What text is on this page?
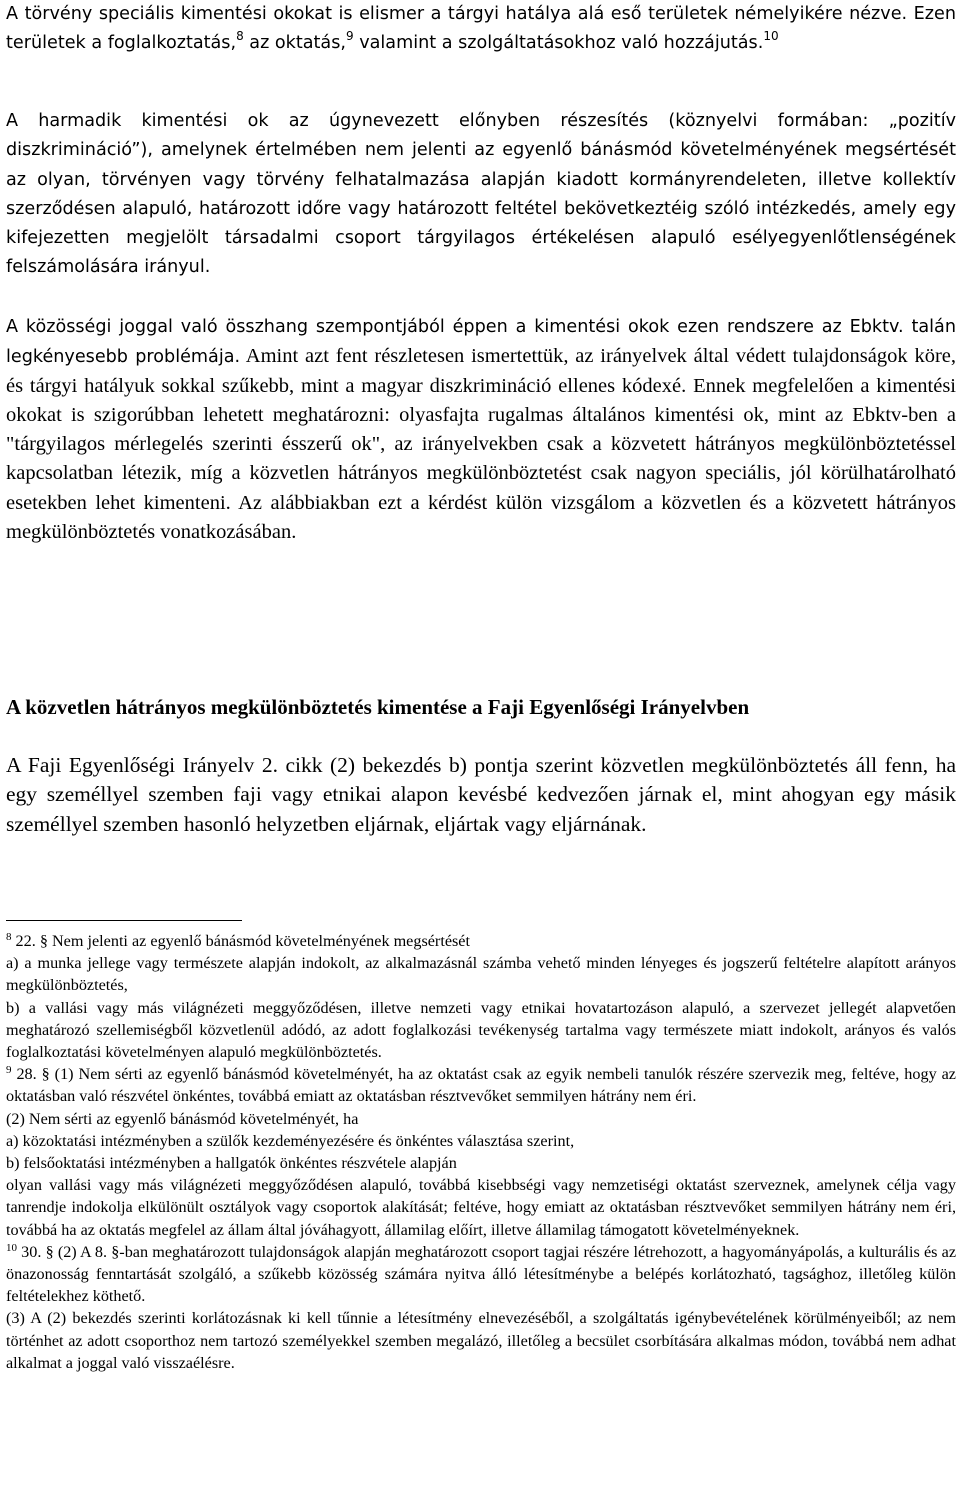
A törvény speciális kimentési okokat is elismer a tárgyi hatálya alá eső területek némelyikére nézve. Ezen területek a foglalkoztatás,$^8$ az oktatás,$^9$ valamint a szolgáltatásokhoz való hozzájutás.$^{10}$

A harmadik kimentési ok az úgynevezett előnyben részesítés (köznyelvi formában: „pozitív diszkrimináció”), amelynek értelmében nem jelenti az egyenlő bánásmód követelményének megsértését az olyan, törvényen vagy törvény felhatalmazása alapján kiadott kormányrendeleten, illetve kollektív szerződésen alapuló, határozott időre vagy határozott feltétel bekövetkeztéig szóló intézkedés, amely egy kifejezetten megjelölt társadalmi csoport tárgyilagos értékelésen alapuló esélyegyenlőtlenségének felszámolására irányul.

A közösségi joggal való összhang szempontjából éppen a kimentési okok ezen rendszere az Ebktv. talán legkényesebb problémája. Amint azt fent részletesen ismertettük, az irányelvek által védett tulajdonságok köre, és tárgyi hatályuk sokkal szűkebb, mint a magyar diszkrimináció ellenes kódexé. Ennek megfelelően a kimentési okokat is szigorúbban lehetett meghatározni: olyasfajta rugalmas általános kimentési ok, mint az Ebktv-ben a "tárgyilagos mérlegelés szerinti ésszerű ok", az irányelvekben csak a közvetett hátrányos megkülönböztetéssel kapcsolatban létezik, míg a közvetlen hátrányos megkülönböztetést csak nagyon speciális, jól körülhatárolható esetekben lehet kimenteni. Az alábbiakban ezt a kérdést külön vizsgálom a közvetlen és a közvetett hátrányos megkülönböztetés vonatkozásában.

A közvetlen hátrányos megkülönböztetés kimentése a Faji Egyenlőségi Irányelvben

A Faji Egyenlőségi Irányelv 2. cikk (2) bekezdés b) pontja szerint közvetlen megkülönböztetés áll fenn, ha egy személlyel szemben faji vagy etnikai alapon kevésbé kedvezően járnak el, mint ahogyan egy másik személlyel szemben hasonló helyzetben eljárnak, eljártak vagy eljárnának.

$^8$ 22. § Nem jelenti az egyenlő bánásmód követelményének megsértését

a) a munka jellege vagy természete alapján indokolt, az alkalmazásnál számba vehető minden lényeges és jogszerű feltételre alapított arányos megkülönböztetés,

b) a vallási vagy más világnézeti meggyőződésen, illetve nemzeti vagy etnikai hovatartozáson alapuló, a szervezet jellegét alapvetően meghatározó szellemiségből közvetlenül adódó, az adott foglalkozási tevékenység tartalma vagy természete miatt indokolt, arányos és valós foglalkoztatási követelményen alapuló megkülönböztetés.

$^9$ 28. § (1) Nem sérti az egyenlő bánásmód követelményét, ha az oktatást csak az egyik nembeli tanulók részére szervezik meg, feltéve, hogy az oktatásban való részvétel önkéntes, továbbá emiatt az oktatásban résztvevőket semmilyen hátrány nem éri.

(2) Nem sérti az egyenlő bánásmód követelményét, ha

a) közoktatási intézményben a szülők kezdeményezésére és önkéntes választása szerint,

b) felsőoktatási intézményben a hallgatók önkéntes részvétele alapján

olyan vallási vagy más világnézeti meggyőződésen alapuló, továbbá kisebbségi vagy nemzetiségi oktatást szerveznek, amelynek célja vagy tanrendje indokolja elkülönült osztályok vagy csoportok alakítását; feltéve, hogy emiatt az oktatásban résztvevőket semmilyen hátrány nem éri, továbbá ha az oktatás megfelel az állam által jóváhagyott, államilag előírt, illetve államilag támogatott követelményeknek.

$^{10}$ 30. § (2) A 8. §-ban meghatározott tulajdonságok alapján meghatározott csoport tagjai részére létrehozott, a hagyományápolás, a kulturális és az önazonosság fenntartását szolgáló, a szűkebb közösség számára nyitva álló létesítménybe a belépés korlátozható, tagsághoz, illetőleg külön feltételekhez köthető.

(3) A (2) bekezdés szerinti korlátozásnak ki kell tűnnie a létesítmény elnevezéséből, a szolgáltatás igénybevételének körülményeiből; az nem történhet az adott csoporthoz nem tartozó személyekkel szemben megalázó, illetőleg a becsület csorbítására alkalmas módon, továbbá nem adhat alkalmat a joggal való visszaélésre.
